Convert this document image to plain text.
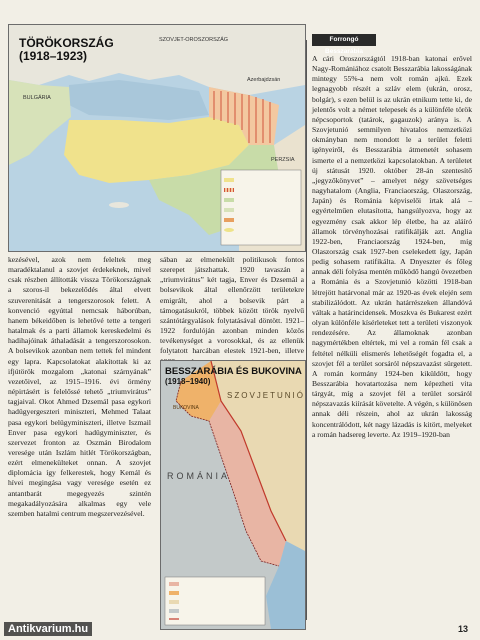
TÖRÖKORSZÁG
(1918–1923)
SZOVJET-OROSZORSZÁG
BULGÁRIA
Azerbajdzsán
PERZSIA
Forrongó Besszarábia
A cári Oroszországtól 1918-ban katonai erővel Nagy-Romániához csatolt Besszarábia lakosságának mintegy 55%-a nem volt román ajkú. Ezek legnagyobb részét a szláv elem (ukrán, orosz, bolgár), s ezen belül is az ukrán etnikum tette ki, de jelentős volt a német telepesek és a különféle török népcsoportok (tatárok, gagauzok) aránya is. A Szovjetunió semmilyen hivatalos nemzetközi okmányban nem mondott le a terület feletti igényeiről, és Besszarábia átmenetét sohasem ismerte el a nemzetközi kapcsolatokban. A területet új státusát 1920. október 28-án szentesítő „jegyzőkönyvet” – amelyet négy szövetséges nagyhatalom (Anglia, Franciaország, Olaszország, Japán) és Románia képviselői írtak alá – egyértelműen elutasította, hangsúlyozva, hogy az egyezmény csak akkor lép életbe, ha az aláíró államok törvényhozásai ratifikálják azt. Anglia 1922-ben, Franciaország 1924-ben, míg Olaszország csak 1927-ben cselekedett így, Japán pedig sohasem ratifikálta. A Dnyeszter és főleg annak déli folyása mentén működő hangú övezetben a Románia és a Szovjetunió közötti 1918-ban létrejött határvonal már az 1920-as évek elején sem stabilizálódott. Az ukrán határrészeken állandóvá váltak a határincidensek. Moszkva és Bukarest ezért olyan különféle kísérleteket tett a területi viszonyok rendezésére. Az államoknak azonban nagymértékben eltértek, mi vel a román fél csak a feltétel nélküli elismerés lehetőségét fogadta el, a szovjet fél a terület sorsáról népszavazást sürgetett. A román kormány 1924-ben kiküldött, hogy Besszarábia hovatartozása nem képezheti vita tárgyát, míg a szovjet fél a terület sorsáról népszavazás kiírását követelte. A végén, s különösen annak déli részein, ahol az ukrán lakosság koncentrálódott, két nagy lázadás is kitört, melyeket a román hadsereg leverte. Az 1919–1920-ban
kezésével, azok nem feleltek meg maradéktalanul a szovjet érdekeknek, mivel csak részben állították vissza Törökországnak a szoros-il bekezelődés által elvett szuverenitását a tengerszorosok felett. A konvenció egyúttal nemcsak háborúban, hanem békeidőben is lehetővé tette a tengeri hatalmak és a parti államok kereskedelmi és hadihajóinak áthaladását a tengerszorosokon. A bolsevikok azonban nem tettek fel mindent egy lapra. Kapcsolatokat alakítottak ki az ifjútörök mozgalom „katonai szárnyának” vezetőivel, az 1915–1916. évi örmény népirtásért is felelőssé tehető „triumvirátus” tagjaival. Okot Ahmed Dzsemál pasa egykori hadügyergeszteri miniszteri, Mehmed Talaat pasa egykori belügyminiszteri, illetve Iszmail Enver pasa egykori hadügyminiszter, és szervezet fronton az Oszmán Birodalom veresége után Iszlám hitlét Törökországban, ezért elmenekülteket onnan. A szovjet diplomácia így felkerestek, hogy Kemál és hívei megingása vagy veresége esetén ez antantbarát megegyezés szintén megakadályozására alkalmas egy vele szemben hatalmi centrum megszervezésével.
sában az elmenekült politikusok fontos szerepet játszhattak. 1920 tavaszán a „triumvirátus” két tagja, Enver és Dzsemál a bolsevikok által ellenőrzött területekre emigrált, ahol a bolsevik párt a támogatásukról, többek között török nyelvű szántótárgyalások folytatásával döntött. 1921–1922 fordulóján azonban minden közös tevékenységet a vorosokkal, és az ellenük folytatott harcában elestek 1921-ben, illetve
BESSZARÁBIA ÉS BUKOVINA
(1918–1940)
SZOVJETUNIÓ
ROMÁNIA
BUKOVINA
Antikvarium.hu	13
